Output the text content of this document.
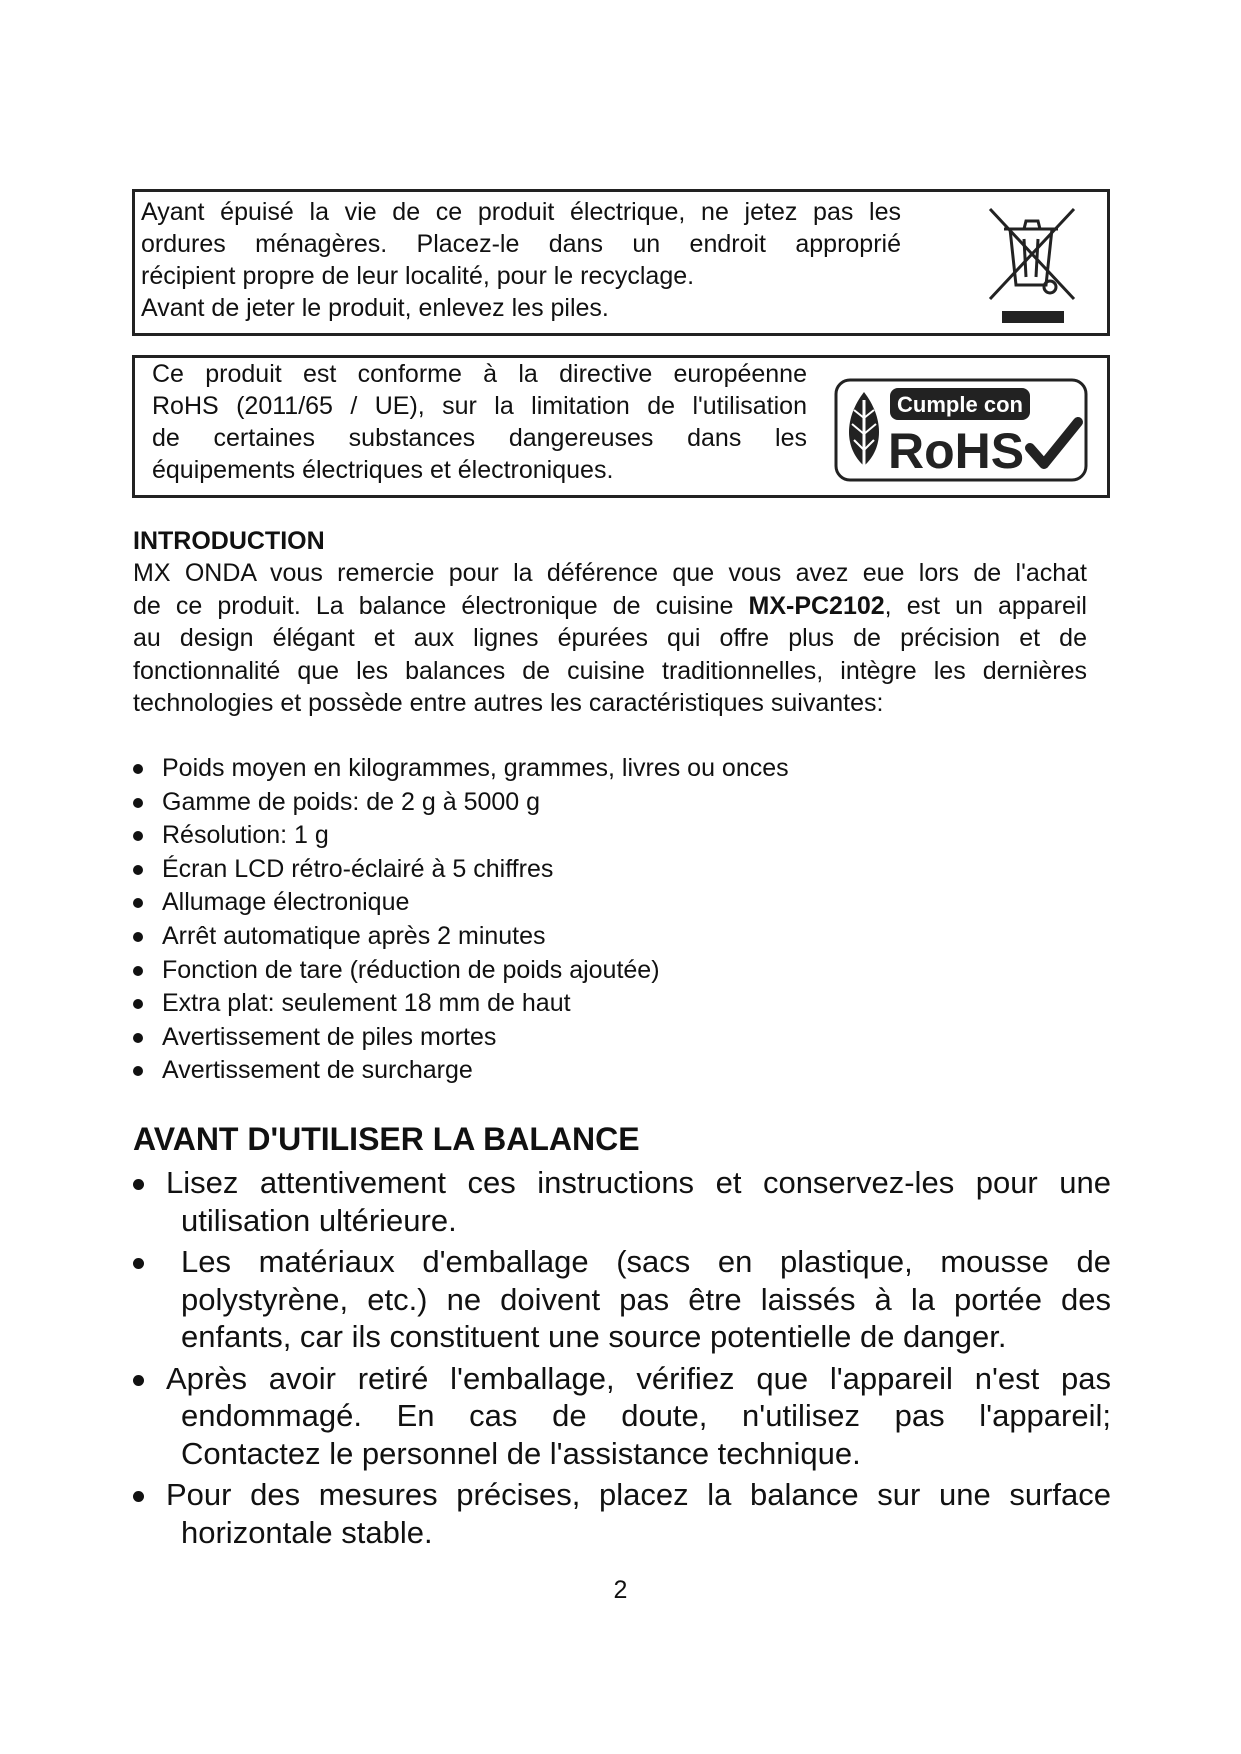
Ayant épuisé la vie de ce produit électrique, ne jetez pas les
ordures ménagères. Placez-le dans un endroit approprié
récipient propre de leur localité, pour le recyclage.
Avant de jeter le produit, enlevez les piles.
Ce produit est conforme à la directive européenne
RoHS (2011/65 / UE), sur la limitation de l'utilisation
de certaines substances dangereuses dans les
équipements électriques et électroniques.
Cumple con
RoHS
INTRODUCTION

MX ONDA vous remercie pour la déférence que vous avez eue lors de l'achat
de ce produit. La balance électronique de cuisine MX-PC2102, est un appareil
au design élégant et aux lignes épurées qui offre plus de précision et de
fonctionnalité que les balances de cuisine traditionnelles, intègre les dernières
technologies et possède entre autres les caractéristiques suivantes:

Poids moyen en kilogrammes, grammes, livres ou onces
Gamme de poids: de 2 g à 5000 g
Résolution: 1 g
Écran LCD rétro-éclairé à 5 chiffres
Allumage électronique
Arrêt automatique après 2 minutes
Fonction de tare (réduction de poids ajoutée)
Extra plat: seulement 18 mm de haut
Avertissement de piles mortes
Avertissement de surcharge
AVANT D'UTILISER LA BALANCE
Lisez attentivement ces instructions et conservez-les pour une
utilisation ultérieure.
Les matériaux d'emballage (sacs en plastique, mousse de
polystyrène, etc.) ne doivent pas être laissés à la portée des
enfants, car ils constituent une source potentielle de danger.
Après avoir retiré l'emballage, vérifiez que l'appareil n'est pas
endommagé. En cas de doute, n'utilisez pas l'appareil;
Contactez le personnel de l'assistance technique.
Pour des mesures précises, placez la balance sur une surface
horizontale stable.
2
